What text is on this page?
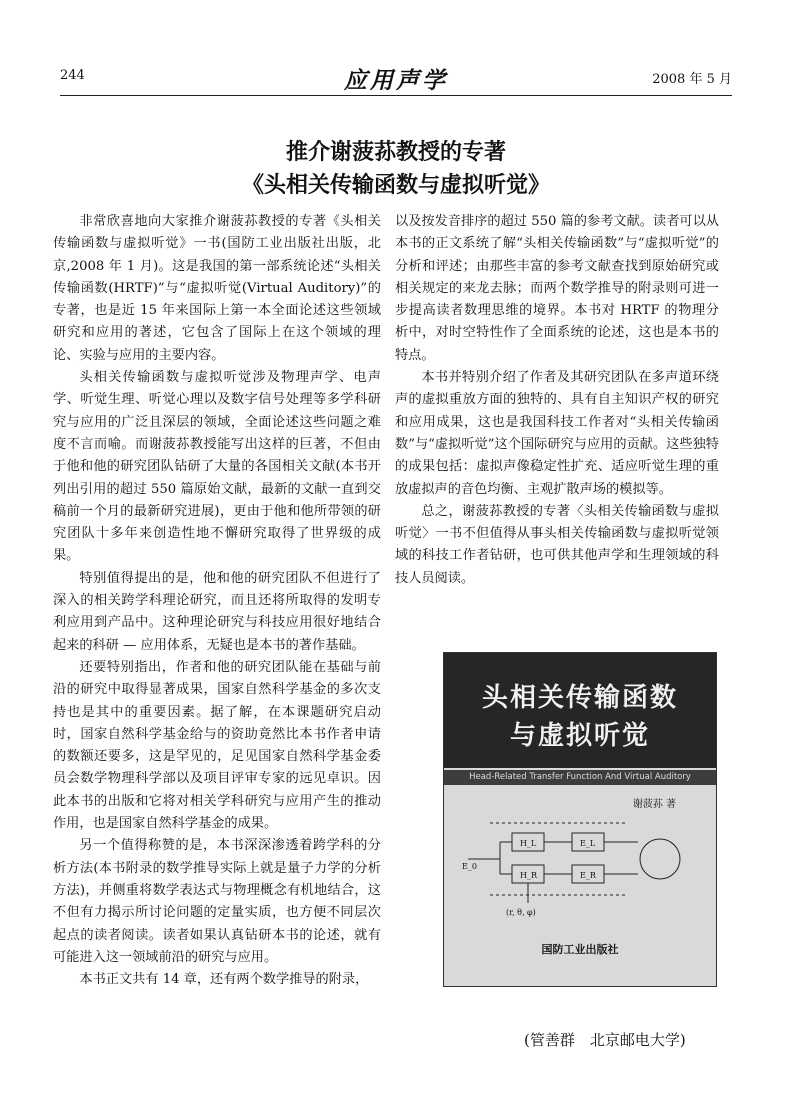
244	应用声学	2008 年 5 月
推介谢菠荪教授的专著
《头相关传输函数与虚拟听觉》

非常欣喜地向大家推介谢菠荪教授的专著《头相关传输函数与虚拟听觉》一书(国防工业出版社出版，北京,2008 年 1 月)。这是我国的第一部系统论述“头相关传输函数(HRTF)”与“虚拟听觉(Virtual Auditory)”的专著，也是近 15 年来国际上第一本全面论述这些领域研究和应用的著述，它包含了国际上在这个领域的理论、实验与应用的主要内容。

头相关传输函数与虚拟听觉涉及物理声学、电声学、听觉生理、听觉心理以及数字信号处理等多学科研究与应用的广泛且深层的领域，全面论述这些问题之难度不言而喻。而谢菠荪教授能写出这样的巨著，不但由于他和他的研究团队钻研了大量的各国相关文献(本书开列出引用的超过 550 篇原始文献，最新的文献一直到交稿前一个月的最新研究进展)，更由于他和他所带领的研究团队十多年来创造性地不懈研究取得了世界级的成果。

特别值得提出的是，他和他的研究团队不但进行了深入的相关跨学科理论研究，而且还将所取得的发明专利应用到产品中。这种理论研究与科技应用很好地结合起来的科研 — 应用体系，无疑也是本书的著作基础。

还要特别指出，作者和他的研究团队能在基础与前沿的研究中取得显著成果，国家自然科学基金的多次支持也是其中的重要因素。据了解，在本课题研究启动时，国家自然科学基金给与的资助竟然比本书作者申请的数额还要多，这是罕见的，足见国家自然科学基金委员会数学物理科学部以及项目评审专家的远见卓识。因此本书的出版和它将对相关学科研究与应用产生的推动作用，也是国家自然科学基金的成果。

另一个值得称赞的是，本书深深渗透着跨学科的分析方法(本书附录的数学推导实际上就是量子力学的分析方法)，并侧重将数学表达式与物理概念有机地结合，这不但有力揭示所讨论问题的定量实质，也方便不同层次起点的读者阅读。读者如果认真钻研本书的论述，就有可能进入这一领域前沿的研究与应用。

本书正文共有 14 章，还有两个数学推导的附录，

以及按发音排序的超过 550 篇的参考文献。读者可以从本书的正文系统了解“头相关传输函数”与“虚拟听觉”的分析和评述；由那些丰富的参考文献查找到原始研究或相关规定的来龙去脉；而两个数学推导的附录则可进一步提高读者数理思维的境界。本书对 HRTF 的物理分析中，对时空特性作了全面系统的论述，这也是本书的特点。

本书并特别介绍了作者及其研究团队在多声道环绕声的虚拟重放方面的独特的、具有自主知识产权的研究和应用成果，这也是我国科技工作者对“头相关传输函数”与“虚拟听觉”这个国际研究与应用的贡献。这些独特的成果包括：虚拟声像稳定性扩充、适应听觉生理的重放虚拟声的音色均衡、主观扩散声场的模拟等。

总之，谢菠荪教授的专著〈头相关传输函数与虚拟听觉〉一书不但值得从事头相关传输函数与虚拟听觉领域的科技工作者钻研，也可供其他声学和生理领域的科技人员阅读。

头相关传输函数
与虚拟听觉
Head-Related Transfer Function And Virtual Auditory
谢菠荪 著
H_L
H_R
E_L
E_R
E_0
(r, θ, φ)
国防工业出版社
(管善群　北京邮电大学)
